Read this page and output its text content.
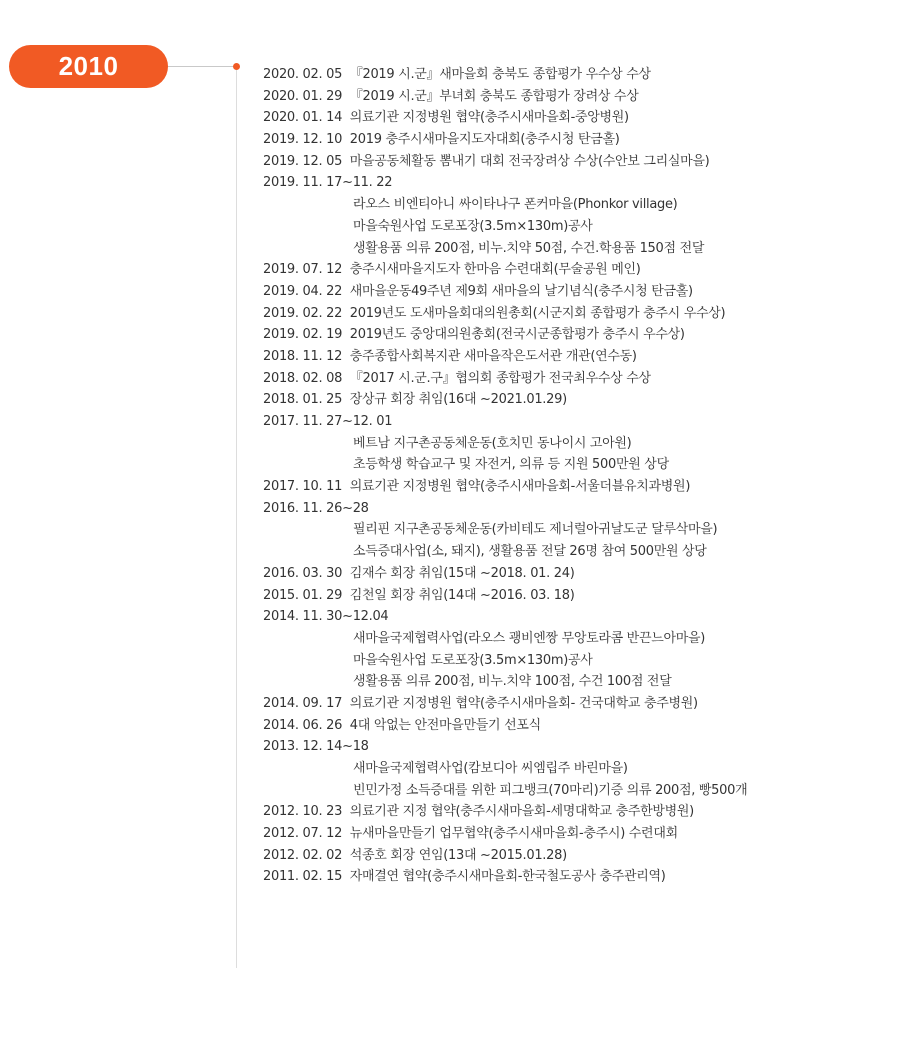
2010	2020. 02. 05 『2019 시.군』새마을회 충북도 종합평가 우수상 수상
2020. 01. 29 『2019 시.군』부녀회 충북도 종합평가 장려상 수상
2020. 01. 14 의료기관 지정병원 협약(충주시새마을회-중앙병원)
2019. 12. 10 2019 충주시새마을지도자대회(충주시청 탄금홀)
2019. 12. 05 마을공동체활동 뽐내기 대회 전국장려상 수상(수안보 그리실마을)
2019. 11. 17~11. 22
라오스 비엔티아니 싸이타나구 폰커마을(Phonkor village)
마을숙원사업 도로포장(3.5m×130m)공사
생활용품 의류 200점, 비누.치약 50점, 수건.학용품 150점 전달
2019. 07. 12 충주시새마을지도자 한마음 수련대회(무술공원 메인)
2019. 04. 22 새마을운동49주년 제9회 새마을의 날기념식(충주시청 탄금홀)
2019. 02. 22 2019년도 도새마을회대의원총회(시군지회 종합평가 충주시 우수상)
2019. 02. 19 2019년도 중앙대의원총회(전국시군종합평가 충주시 우수상)
2018. 11. 12 충주종합사회복지관 새마을작은도서관 개관(연수동)
2018. 02. 08 『2017 시.군.구』협의회 종합평가 전국최우수상 수상
2018. 01. 25 장상규 회장 취임(16대 ~2021.01.29)
2017. 11. 27~12. 01
베트남 지구촌공동체운동(호치민 동나이시 고아원)
초등학생 학습교구 및 자전거, 의류 등 지원 500만원 상당
2017. 10. 11 의료기관 지정병원 협약(충주시새마을회-서울더블유치과병원)
2016. 11. 26~28
필리핀 지구촌공동체운동(카비테도 제너럴아귀날도군 달루삭마을)
소득증대사업(소, 돼지), 생활용품 전달 26명 참여 500만원 상당
2016. 03. 30 김재수 회장 취임(15대 ~2018. 01. 24)
2015. 01. 29 김천일 회장 취임(14대 ~2016. 03. 18)
2014. 11. 30~12.04
새마을국제협력사업(라오스 괭비엔짱 무앙토라콤 반끈느아마을)
마을숙원사업 도로포장(3.5m×130m)공사
생활용품 의류 200점, 비누.치약 100점, 수건 100점 전달
2014. 09. 17 의료기관 지정병원 협약(충주시새마을회- 건국대학교 충주병원)
2014. 06. 26 4대 악없는 안전마을만들기 선포식
2013. 12. 14~18
새마을국제협력사업(캄보디아 씨엠립주 바린마을)
빈민가정 소득증대를 위한 피그뱅크(70마리)기증 의류 200점, 빵500개
2012. 10. 23 의료기관 지정 협약(충주시새마을회-세명대학교 충주한방병원)
2012. 07. 12 뉴새마을만들기 업무협약(충주시새마을회-충주시) 수련대회
2012. 02. 02 석종호 회장 연임(13대 ~2015.01.28)
2011. 02. 15 자매결연 협약(충주시새마을회-한국철도공사 충주관리역)
